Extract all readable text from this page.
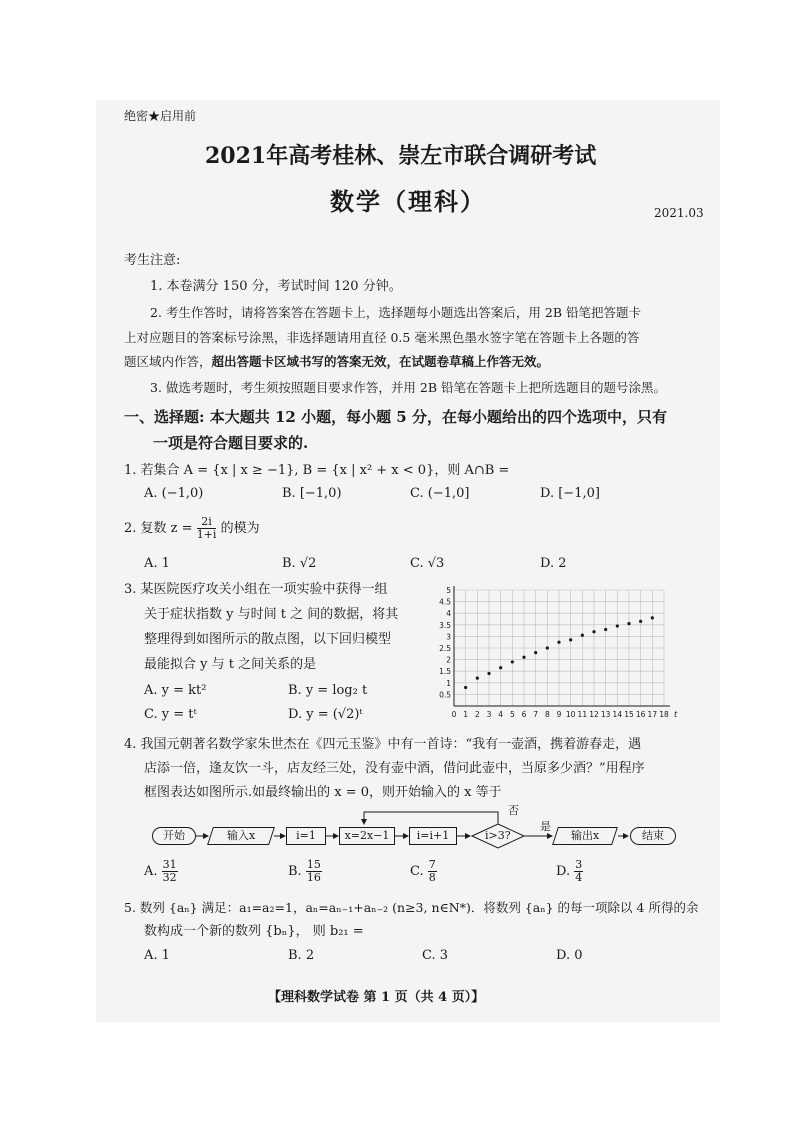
绝密★启用前
2021年高考桂林、崇左市联合调研考试
数学（理科）	2021.03
考生注意:
1. 本卷满分 150 分，考试时间 120 分钟。
2. 考生作答时，请将答案答在答题卡上，选择题每小题选出答案后，用 2B 铅笔把答题卡
上对应题目的答案标号涂黑，非选择题请用直径 0.5 毫米黑色墨水签字笔在答题卡上各题的答
题区域内作答，超出答题卡区域书写的答案无效，在试题卷草稿上作答无效。
3. 做选考题时，考生须按照题目要求作答，并用 2B 铅笔在答题卡上把所选题目的题号涂黑。
一、选择题: 本大题共 12 小题，每小题 5 分，在每小题给出的四个选项中，只有
一项是符合题目要求的.
1. 若集合 A = {x | x ≥ −1}, B = {x | x² + x < 0}，则 A∩B =
A. (−1,0)	B. [−1,0)	C. (−1,0]	D. [−1,0]
2. 复数 $z = \frac{2i}{1+i}$ 的模为
A. 1	B. √2	C. √3	D. 2
3. 某医院医疗攻关小组在一项实验中获得一组
关于症状指数 y 与时间 t 之 间的数据，将其
整理得到如图所示的散点图，以下回归模型
最能拟合 y 与 t 之间关系的是
A. y = kt²	B. y = log₂ t
C. y = tᵗ	D. y = (√2)ᵗ
0.5
1
1.5
2
2.5
3
3.5
4
4.5
5
0 1 2 3 4 5 6 7 8 9 10 11 12 13 14 15 16 17 18 t
4. 我国元朝著名数学家朱世杰在《四元玉鉴》中有一首诗：“我有一壶酒，携着游春走，遇
店添一倍，逢友饮一斗，店友经三处，没有壶中酒，借问此壶中，当原多少酒？”用程序
框图表达如图所示.如最终输出的 x = 0，则开始输入的 x 等于
开始	输入x	i=1	x=2x−1	i=i+1	i>3?	输出x	结束
否
是
A. $\frac{31}{32}$	B. $\frac{15}{16}$	C. $\frac{7}{8}$	D. $\frac{3}{4}$
5. 数列 {aₙ} 满足：a₁=a₂=1，aₙ=aₙ₋₁+aₙ₋₂ (n≥3, n∈N*)．将数列 {aₙ} 的每一项除以 4 所得的余
数构成一个新的数列 {bₙ}， 则 b₂₁ =
A. 1	B. 2	C. 3	D. 0
【理科数学试卷 第 1 页（共 4 页）】
